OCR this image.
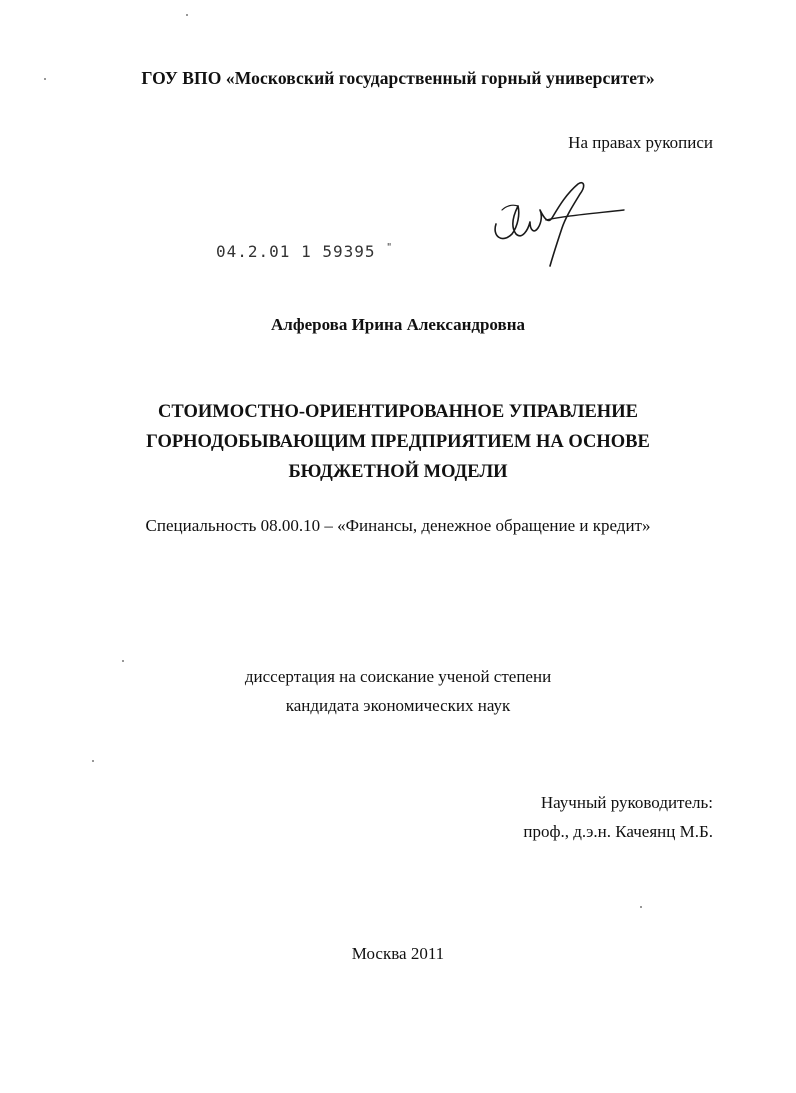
ГОУ ВПО «Московский государственный горный университет»
На правах рукописи
04.2.01 1 59395 "
Алферова Ирина Александровна
СТОИМОСТНО-ОРИЕНТИРОВАННОЕ УПРАВЛЕНИЕ
ГОРНОДОБЫВАЮЩИМ ПРЕДПРИЯТИЕМ НА ОСНОВЕ
БЮДЖЕТНОЙ МОДЕЛИ
Специальность 08.00.10 – «Финансы, денежное обращение и кредит»
диссертация на соискание ученой степени
кандидата экономических наук
Научный руководитель:
проф., д.э.н. Качеянц М.Б.
Москва 2011
